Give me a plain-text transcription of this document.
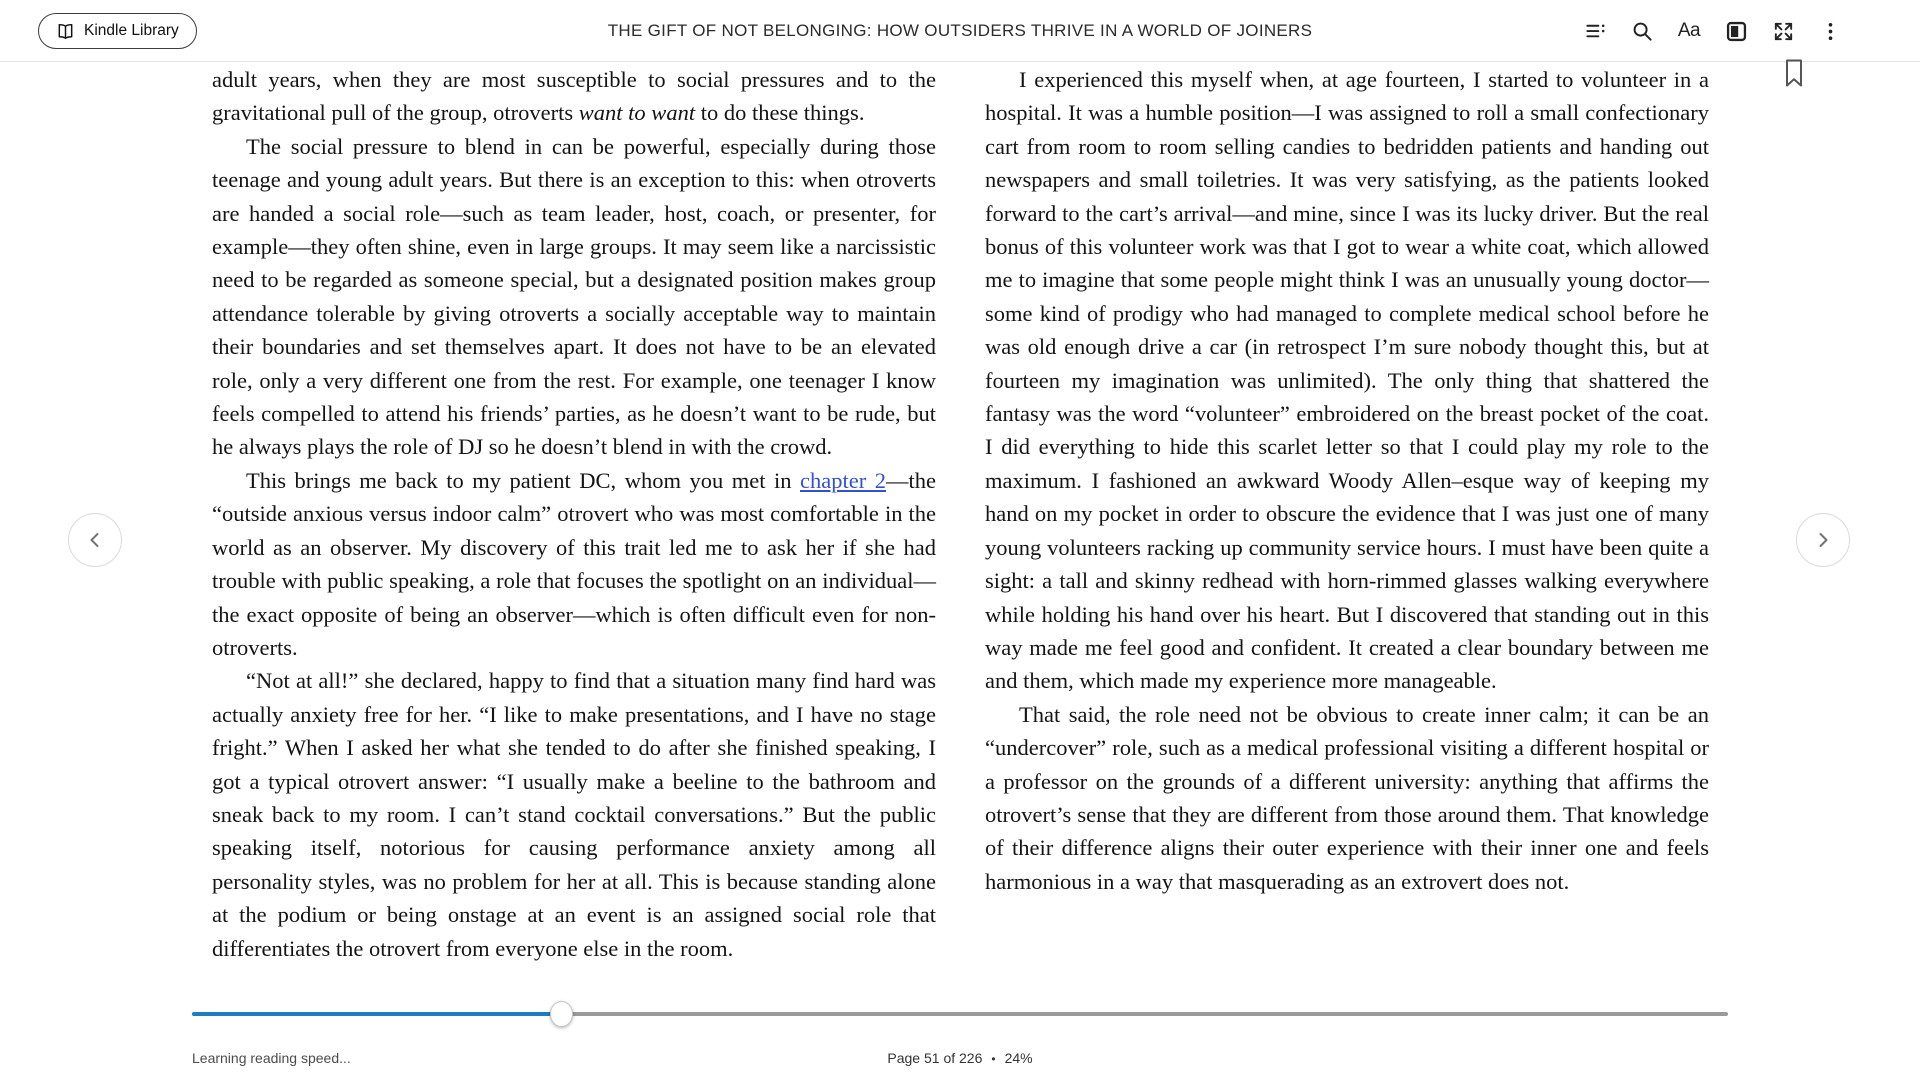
Kindle Library	THE GIFT OF NOT BELONGING: HOW OUTSIDERS THRIVE IN A WORLD OF JOINERS	Aa

adult years, when they are most susceptible to social pressures and to the gravitational pull of the group, otroverts want to want to do these things.

The social pressure to blend in can be powerful, especially during those teenage and young adult years. But there is an exception to this: when otroverts are handed a social role—such as team leader, host, coach, or presenter, for example—they often shine, even in large groups. It may seem like a narcissistic need to be regarded as someone special, but a designated position makes group attendance tolerable by giving otroverts a socially acceptable way to maintain their boundaries and set themselves apart. It does not have to be an elevated role, only a very different one from the rest. For example, one teenager I know feels compelled to attend his friends’ parties, as he doesn’t want to be rude, but he always plays the role of DJ so he doesn’t blend in with the crowd.

This brings me back to my patient DC, whom you met in chapter 2—the “outside anxious versus indoor calm” otrovert who was most comfortable in the world as an observer. My discovery of this trait led me to ask her if she had trouble with public speaking, a role that focuses the spotlight on an individual—the exact opposite of being an observer—which is often difficult even for non-otroverts.

“Not at all!” she declared, happy to find that a situation many find hard was actually anxiety free for her. “I like to make presentations, and I have no stage fright.” When I asked her what she tended to do after she finished speaking, I got a typical otrovert answer: “I usually make a beeline to the bathroom and sneak back to my room. I can’t stand cocktail conversations.” But the public speaking itself, notorious for causing performance anxiety among all personality styles, was no problem for her at all. This is because standing alone at the podium or being onstage at an event is an assigned social role that differentiates the otrovert from everyone else in the room.

I experienced this myself when, at age fourteen, I started to volunteer in a hospital. It was a humble position—I was assigned to roll a small confectionary cart from room to room selling candies to bedridden patients and handing out newspapers and small toiletries. It was very satisfying, as the patients looked forward to the cart’s arrival—and mine, since I was its lucky driver. But the real bonus of this volunteer work was that I got to wear a white coat, which allowed me to imagine that some people might think I was an unusually young doctor—some kind of prodigy who had managed to complete medical school before he was old enough drive a car (in retrospect I’m sure nobody thought this, but at fourteen my imagination was unlimited). The only thing that shattered the fantasy was the word “volunteer” embroidered on the breast pocket of the coat. I did everything to hide this scarlet letter so that I could play my role to the maximum. I fashioned an awkward Woody Allen–esque way of keeping my hand on my pocket in order to obscure the evidence that I was just one of many young volunteers racking up community service hours. I must have been quite a sight: a tall and skinny redhead with horn-rimmed glasses walking everywhere while holding his hand over his heart. But I discovered that standing out in this way made me feel good and confident. It created a clear boundary between me and them, which made my experience more manageable.

That said, the role need not be obvious to create inner calm; it can be an “undercover” role, such as a medical professional visiting a different hospital or a professor on the grounds of a different university: anything that affirms the otrovert’s sense that they are different from those around them. That knowledge of their difference aligns their outer experience with their inner one and feels harmonious in a way that masquerading as an extrovert does not.

Learning reading speed...	Page 51 of 226 • 24%
